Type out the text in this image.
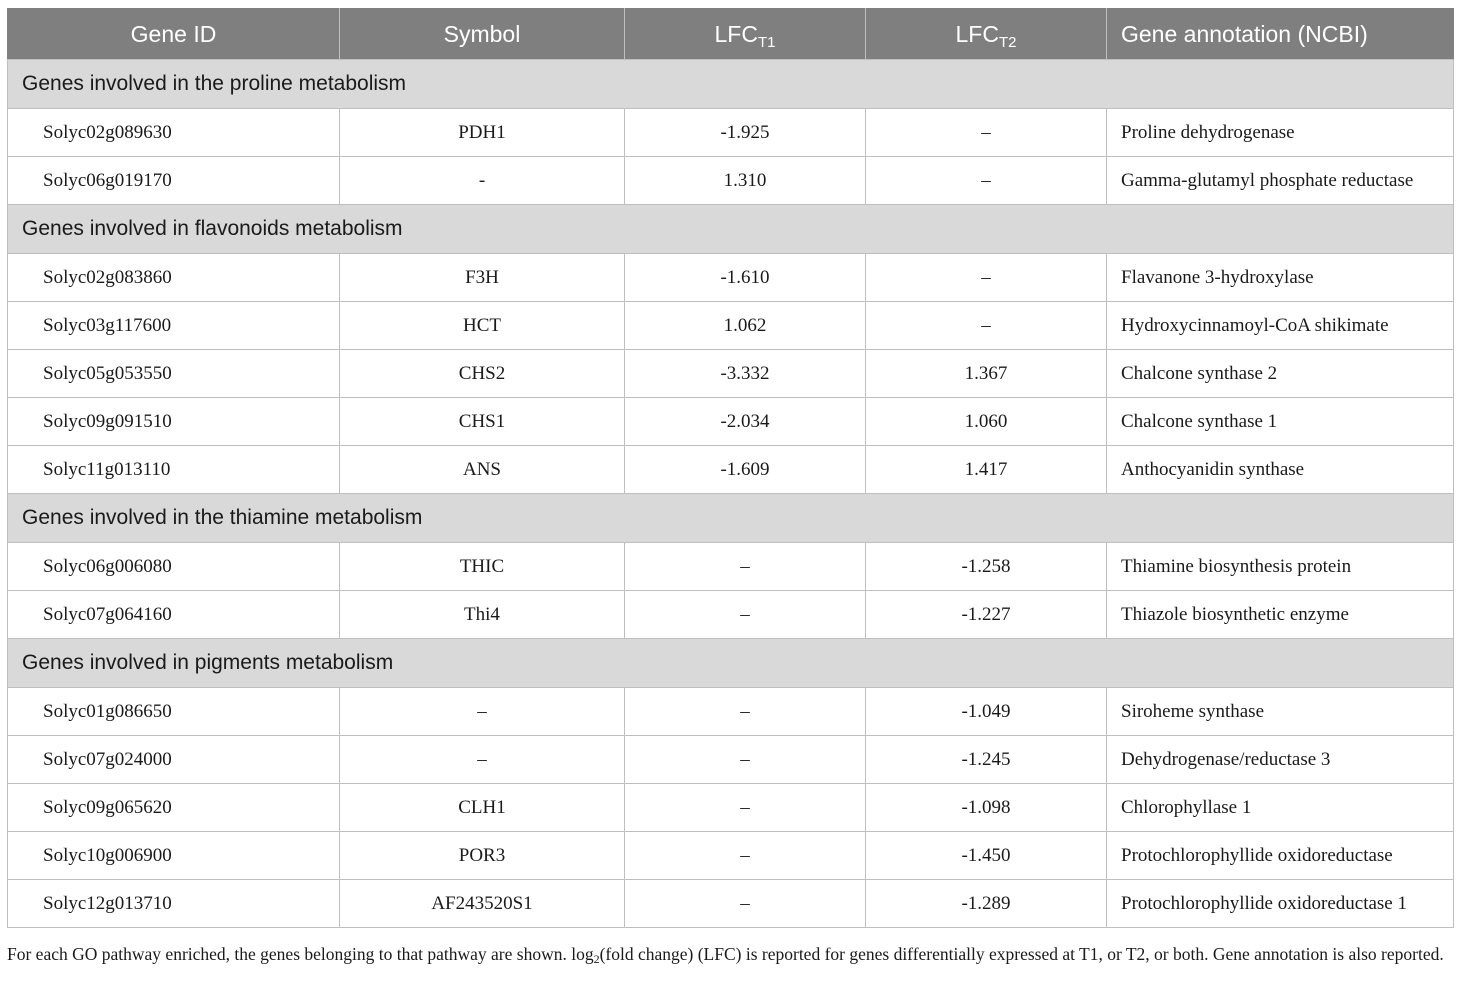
Gene ID	Symbol	$LFC_{T1}$	$LFC_{T2}$	Gene annotation (NCBI)
Genes involved in the proline metabolism				
Solyc02g089630	PDH1	-1.925	–	Proline dehydrogenase
Solyc06g019170	-	1.310	–	Gamma-glutamyl phosphate reductase
Genes involved in flavonoids metabolism				
Solyc02g083860	F3H	-1.610	–	Flavanone 3-hydroxylase
Solyc03g117600	HCT	1.062	–	Hydroxycinnamoyl-CoA shikimate
Solyc05g053550	CHS2	-3.332	1.367	Chalcone synthase 2
Solyc09g091510	CHS1	-2.034	1.060	Chalcone synthase 1
Solyc11g013110	ANS	-1.609	1.417	Anthocyanidin synthase
Genes involved in the thiamine metabolism				
Solyc06g006080	THIC	–	-1.258	Thiamine biosynthesis protein
Solyc07g064160	Thi4	–	-1.227	Thiazole biosynthetic enzyme
Genes involved in pigments metabolism				
Solyc01g086650	–	–	-1.049	Siroheme synthase
Solyc07g024000	–	–	-1.245	Dehydrogenase/reductase 3
Solyc09g065620	CLH1	–	-1.098	Chlorophyllase 1
Solyc10g006900	POR3	–	-1.450	Protochlorophyllide oxidoreductase
Solyc12g013710	AF243520S1	–	-1.289	Protochlorophyllide oxidoreductase 1
For each GO pathway enriched, the genes belonging to that pathway are shown. $\log_2(fold$ change) (LFC) is reported for genes differentially expressed at T1, or T2, or both. Gene annotation is also reported.
